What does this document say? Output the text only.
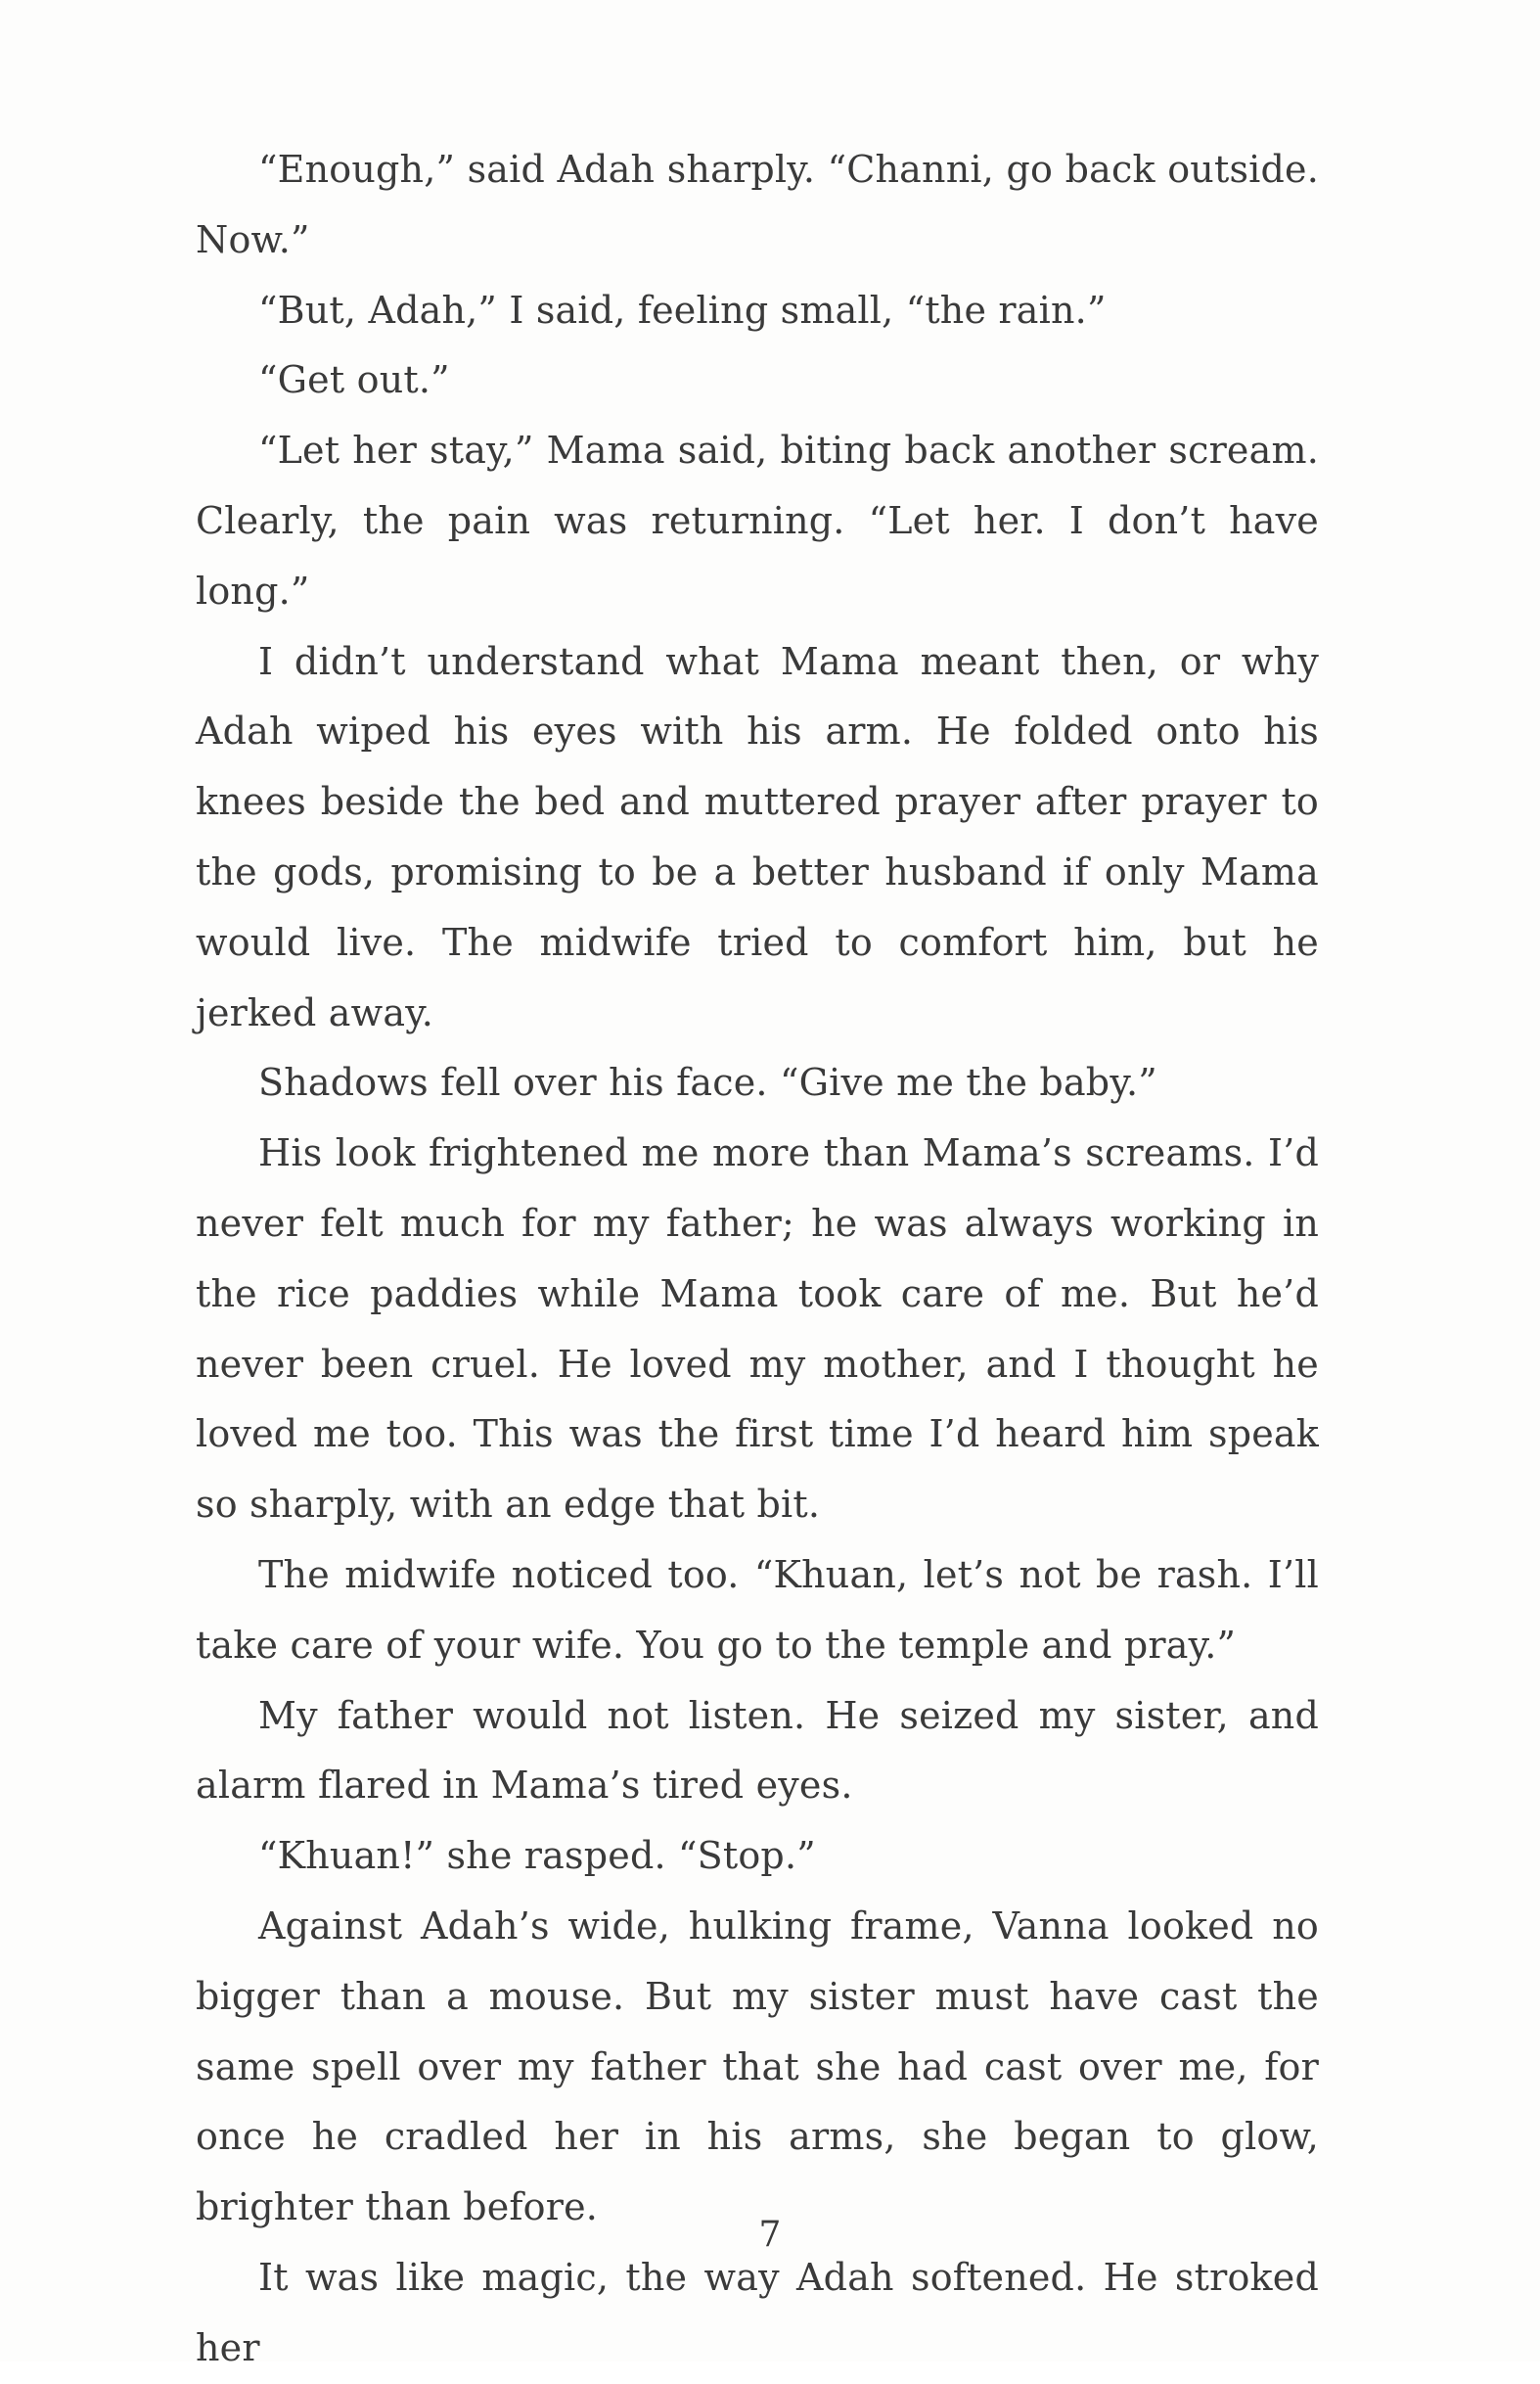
“Enough,” said Adah sharply. “Channi, go back outside. Now.”

“But, Adah,” I said, feeling small, “the rain.”

“Get out.”

“Let her stay,” Mama said, biting back another scream. Clearly, the pain was returning. “Let her. I don’t have long.”

I didn’t understand what Mama meant then, or why Adah wiped his eyes with his arm. He folded onto his knees beside the bed and muttered prayer after prayer to the gods, promising to be a better husband if only Mama would live. The midwife tried to comfort him, but he jerked away.

Shadows fell over his face. “Give me the baby.”

His look frightened me more than Mama’s screams. I’d never felt much for my father; he was always working in the rice paddies while Mama took care of me. But he’d never been cruel. He loved my mother, and I thought he loved me too. This was the first time I’d heard him speak so sharply, with an edge that bit.

The midwife noticed too. “Khuan, let’s not be rash. I’ll take care of your wife. You go to the temple and pray.”

My father would not listen. He seized my sister, and alarm flared in Mama’s tired eyes.

“Khuan!” she rasped. “Stop.”

Against Adah’s wide, hulking frame, Vanna looked no bigger than a mouse. But my sister must have cast the same spell over my father that she had cast over me, for once he cradled her in his arms, she began to glow, brighter than before.

It was like magic, the way Adah softened. He stroked her

7
